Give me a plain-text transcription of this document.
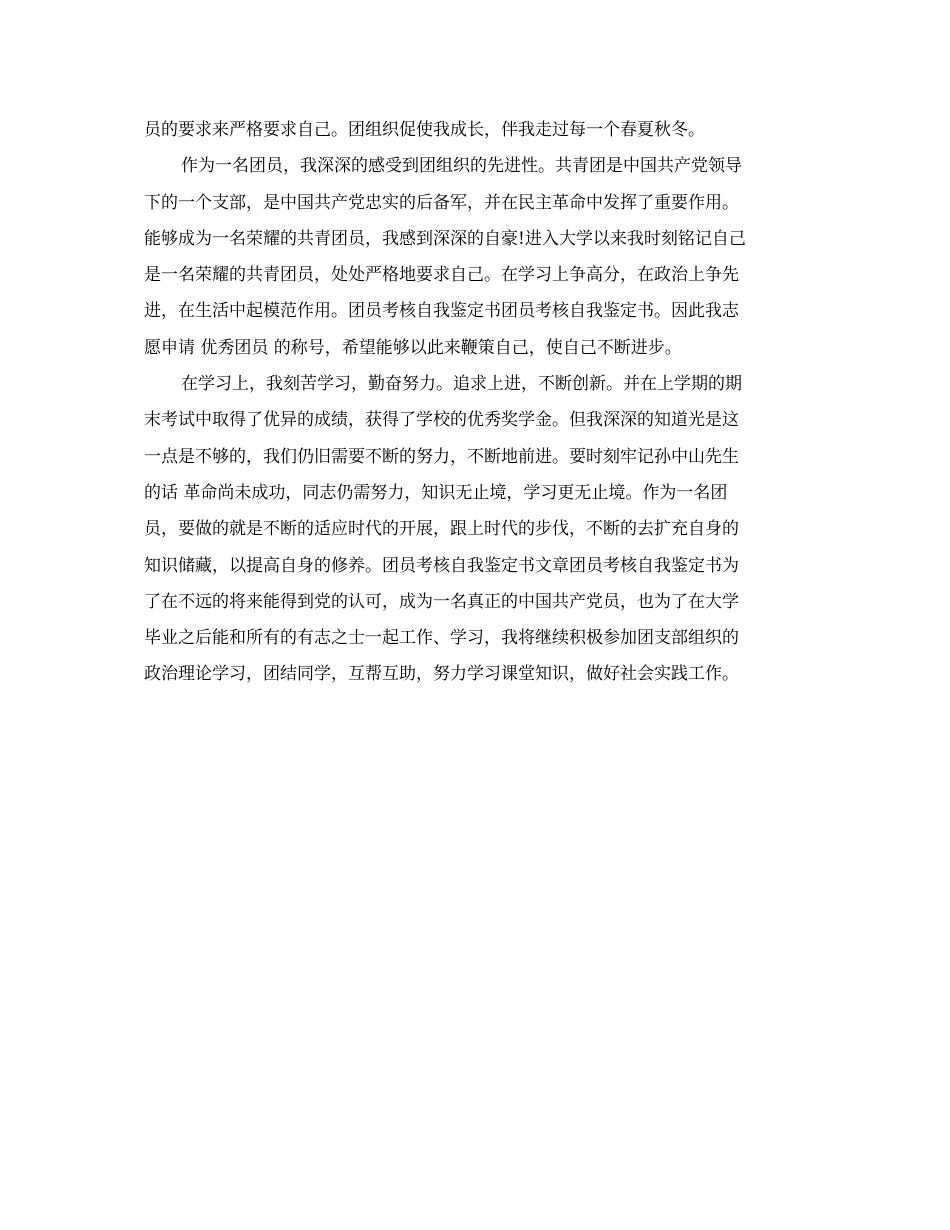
员的要求来严格要求自己。团组织促使我成长，伴我走过每一个春夏秋冬。
作为一名团员，我深深的感受到团组织的先进性。共青团是中国共产党领导
下的一个支部，是中国共产党忠实的后备军，并在民主革命中发挥了重要作用。
能够成为一名荣耀的共青团员，我感到深深的自豪!进入大学以来我时刻铭记自己
是一名荣耀的共青团员，处处严格地要求自己。在学习上争高分，在政治上争先
进，在生活中起模范作用。团员考核自我鉴定书团员考核自我鉴定书。因此我志
愿申请 优秀团员 的称号，希望能够以此来鞭策自己，使自己不断进步。
在学习上，我刻苦学习，勤奋努力。追求上进，不断创新。并在上学期的期
末考试中取得了优异的成绩，获得了学校的优秀奖学金。但我深深的知道光是这
一点是不够的，我们仍旧需要不断的努力，不断地前进。要时刻牢记孙中山先生
的话 革命尚未成功，同志仍需努力，知识无止境，学习更无止境。作为一名团
员，要做的就是不断的适应时代的开展，跟上时代的步伐，不断的去扩充自身的
知识储藏，以提高自身的修养。团员考核自我鉴定书文章团员考核自我鉴定书为
了在不远的将来能得到党的认可，成为一名真正的中国共产党员，也为了在大学
毕业之后能和所有的有志之士一起工作、学习，我将继续积极参加团支部组织的
政治理论学习，团结同学，互帮互助，努力学习课堂知识，做好社会实践工作。
